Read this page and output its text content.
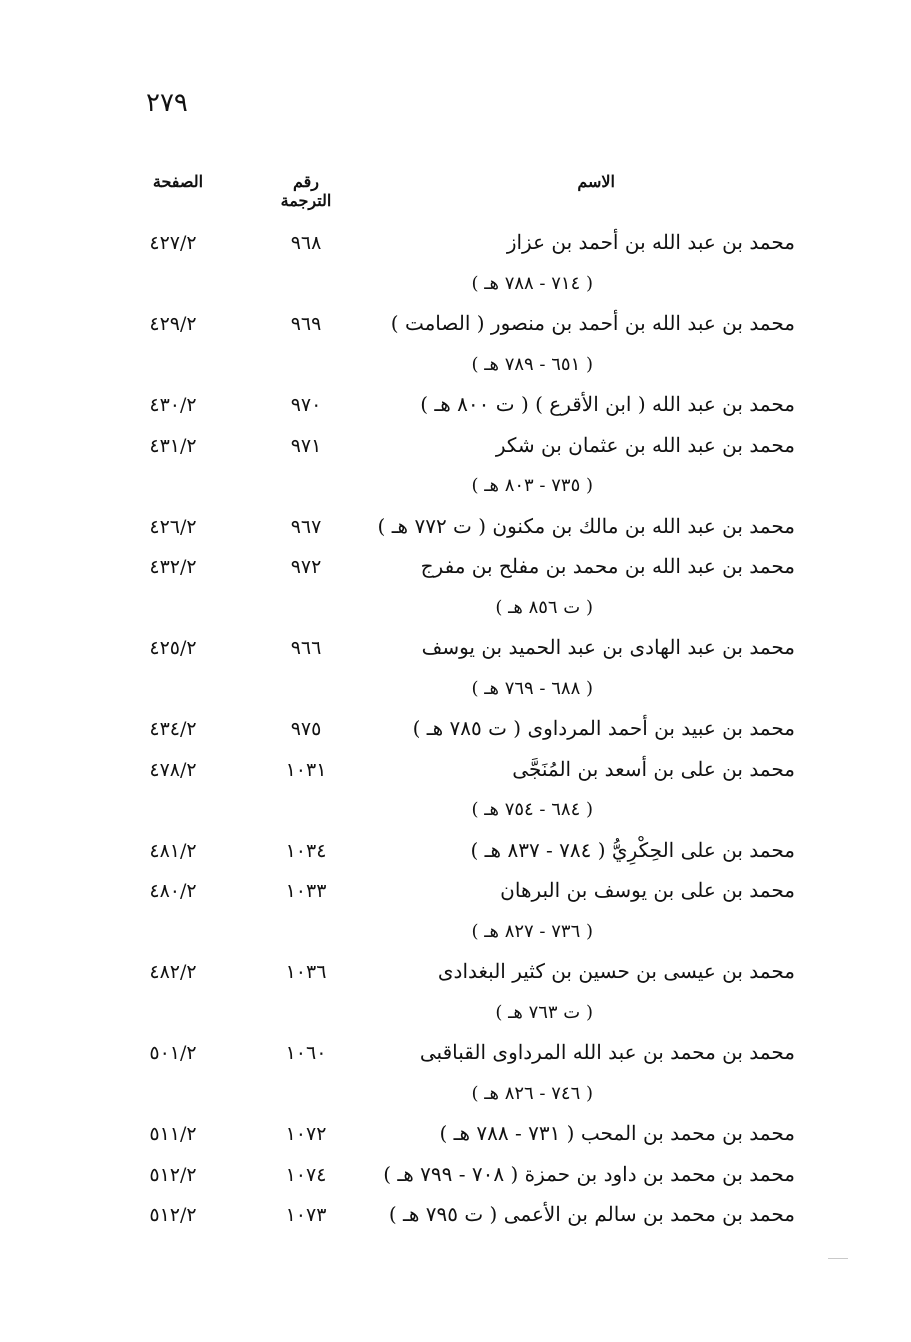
٢٧٩
الاسم
رقم الترجمة
الصفحة
محمد بن عبد الله بن أحمد بن عزاز
٩٦٨
٤٢٧/٢
( ٧١٤ - ٧٨٨ هـ )
محمد بن عبد الله بن أحمد بن منصور ( الصامت )
٩٦٩
٤٢٩/٢
( ٦٥١ - ٧٨٩ هـ )
محمد بن عبد الله ( ابن الأقرع ) ( ت ٨٠٠ هـ )
٩٧٠
٤٣٠/٢
محمد بن عبد الله بن عثمان بن شكر
٩٧١
٤٣١/٢
( ٧٣٥ - ٨٠٣ هـ )
محمد بن عبد الله بن مالك بن مكنون ( ت ٧٧٢ هـ )
٩٦٧
٤٢٦/٢
محمد بن عبد الله بن محمد بن مفلح بن مفرج
٩٧٢
٤٣٢/٢
( ت ٨٥٦ هـ )
محمد بن عبد الهادى بن عبد الحميد بن يوسف
٩٦٦
٤٢٥/٢
( ٦٨٨ - ٧٦٩ هـ )
محمد بن عبيد بن أحمد المرداوى ( ت ٧٨٥ هـ )
٩٧٥
٤٣٤/٢
محمد بن على بن أسعد بن المُنَجَّى
١٠٣١
٤٧٨/٢
( ٦٨٤ - ٧٥٤ هـ )
محمد بن على الحِكْرِيُّ ( ٧٨٤ - ٨٣٧ هـ )
١٠٣٤
٤٨١/٢
محمد بن على بن يوسف بن البرهان
١٠٣٣
٤٨٠/٢
( ٧٣٦ - ٨٢٧ هـ )
محمد بن عيسى بن حسين بن كثير البغدادى
١٠٣٦
٤٨٢/٢
( ت ٧٦٣ هـ )
محمد بن محمد بن عبد الله المرداوى القباقبى
١٠٦٠
٥٠١/٢
( ٧٤٦ - ٨٢٦ هـ )
محمد بن محمد بن المحب ( ٧٣١ - ٧٨٨ هـ )
١٠٧٢
٥١١/٢
محمد بن محمد بن داود بن حمزة ( ٧٠٨ - ٧٩٩ هـ )
١٠٧٤
٥١٢/٢
محمد بن محمد بن سالم بن الأعمى ( ت ٧٩٥ هـ )
١٠٧٣
٥١٢/٢
